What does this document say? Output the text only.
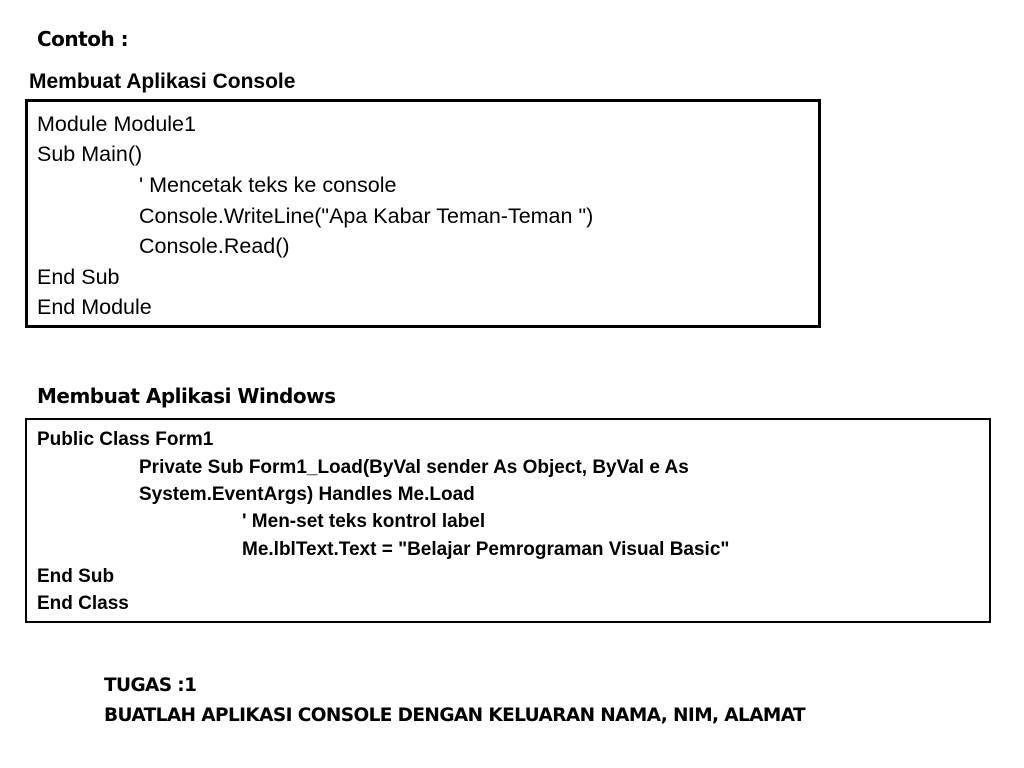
Contoh :
Membuat Aplikasi Console
Module Module1
Sub Main()
' Mencetak teks ke console
Console.WriteLine("Apa Kabar Teman-Teman ")
Console.Read()
End Sub
End Module
Membuat Aplikasi Windows
Public Class Form1
Private Sub Form1_Load(ByVal sender As Object, ByVal e As
System.EventArgs) Handles Me.Load
' Men-set teks kontrol label
Me.lblText.Text = "Belajar Pemrograman Visual Basic"
End Sub
End Class
TUGAS :1
BUATLAH APLIKASI CONSOLE DENGAN KELUARAN NAMA, NIM, ALAMAT
